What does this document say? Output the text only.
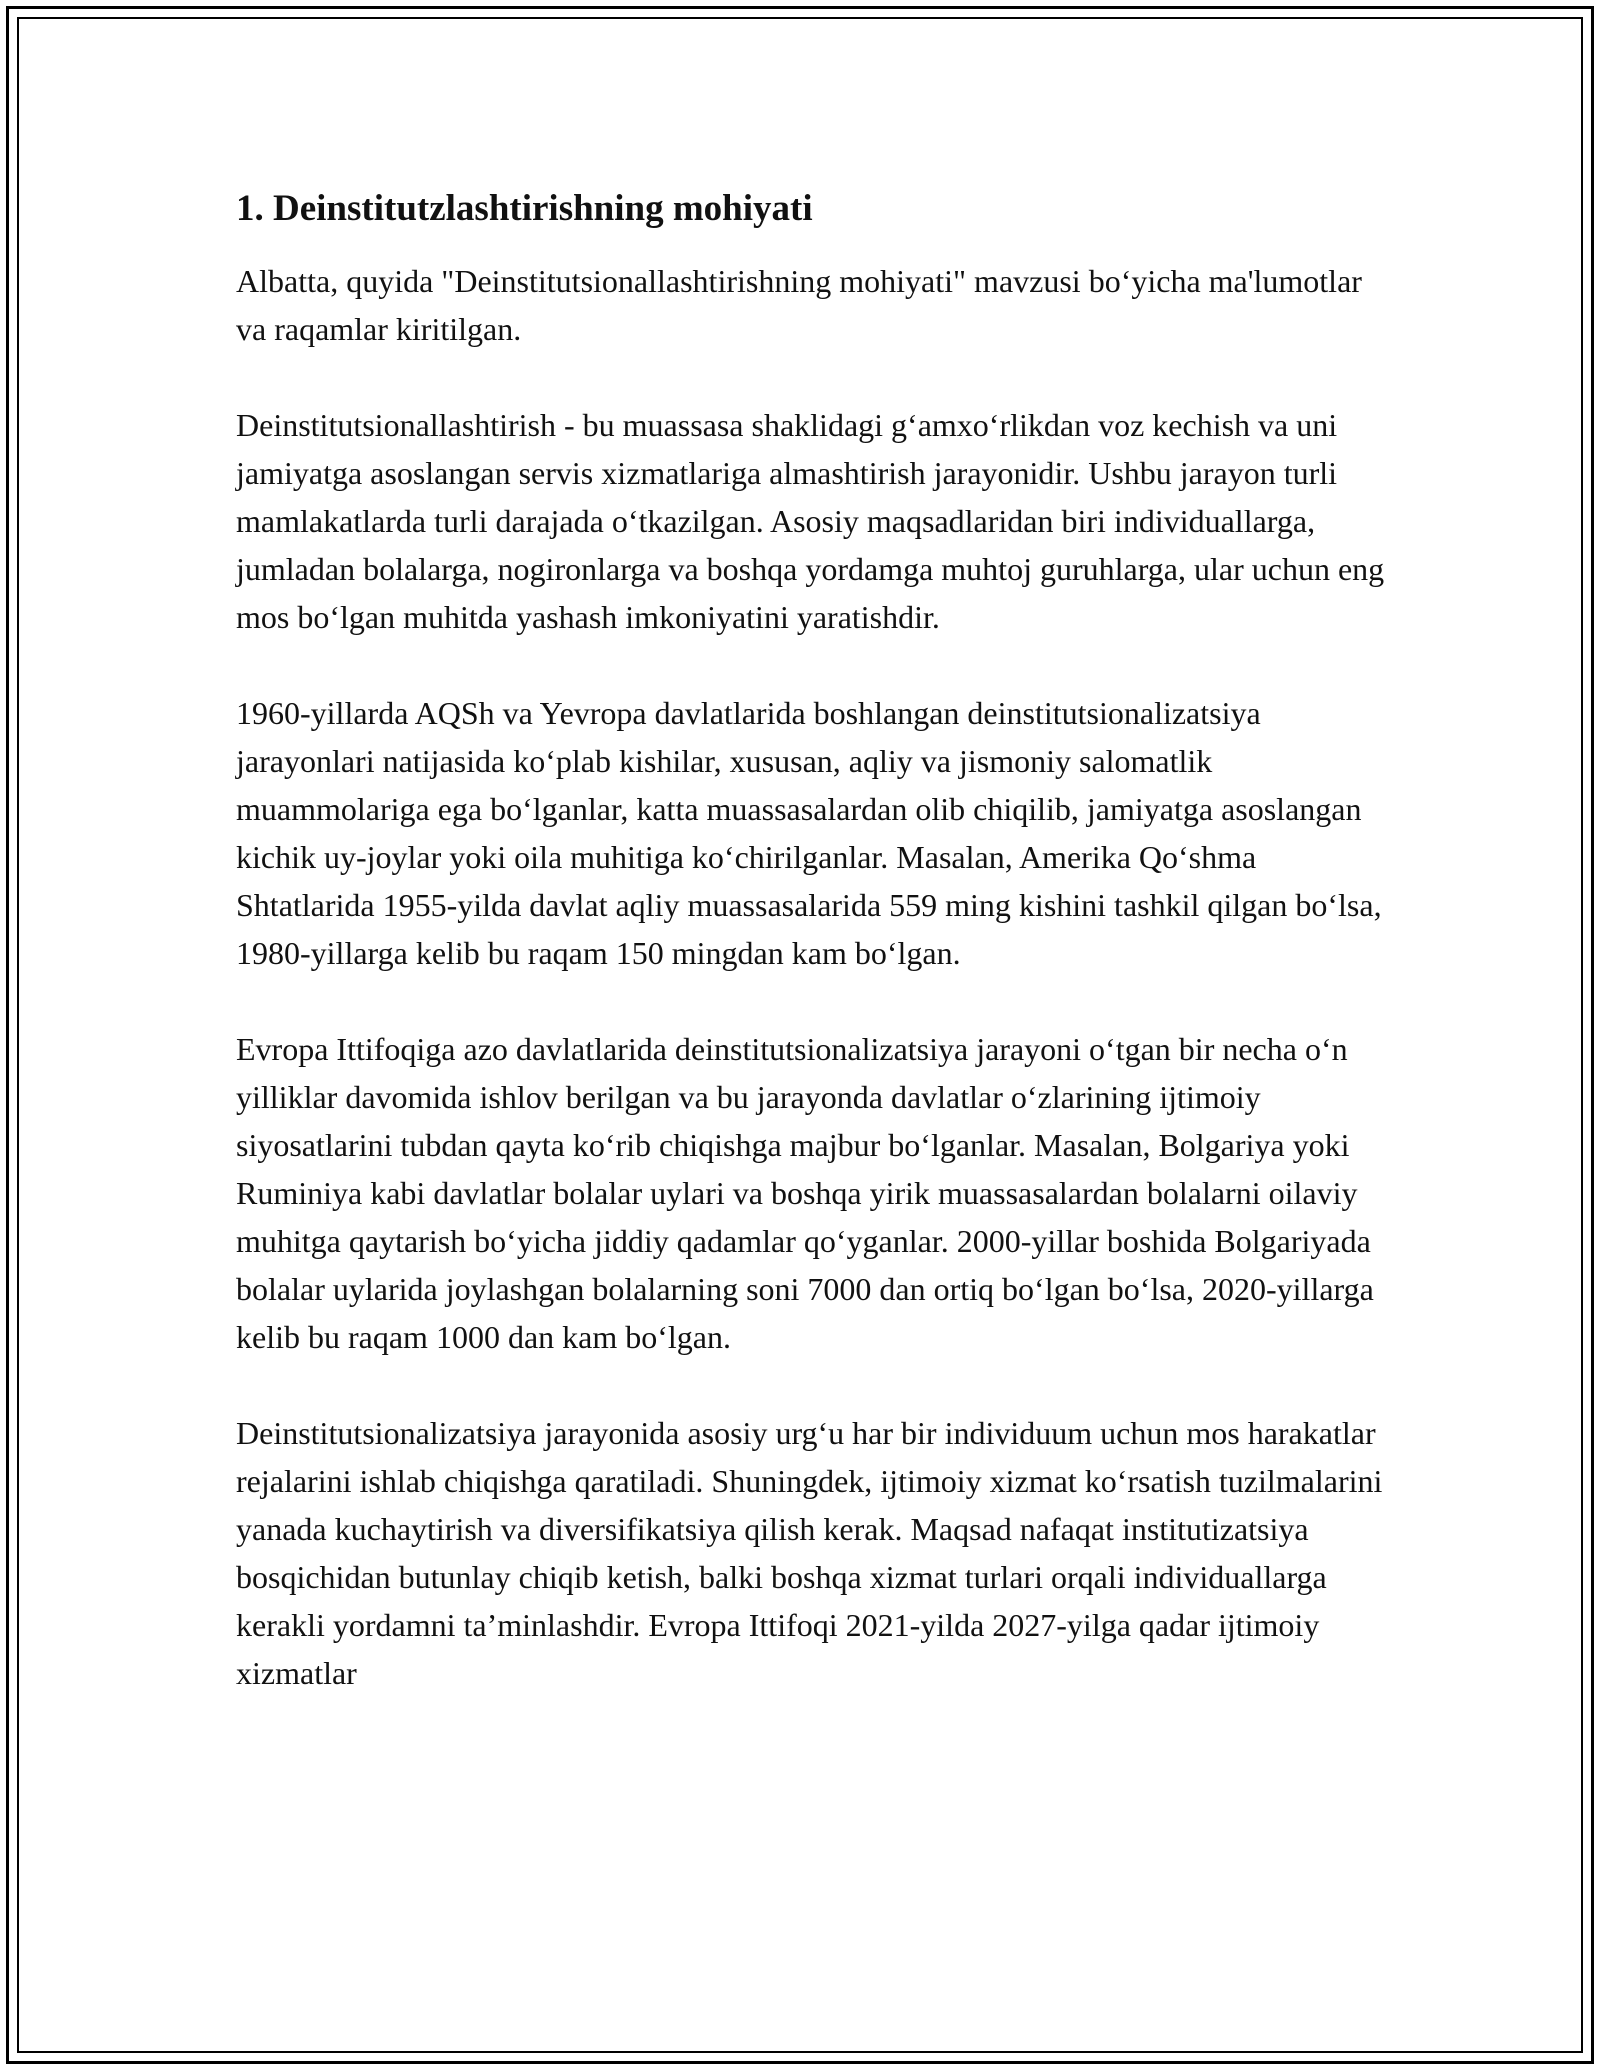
1. Deinstitutzlashtirishning mohiyati

Albatta, quyida "Deinstitutsionallashtirishning mohiyati" mavzusi bo‘yicha ma'lumotlar va raqamlar kiritilgan.

Deinstitutsionallashtirish - bu muassasa shaklidagi g‘amxo‘rlikdan voz kechish va uni jamiyatga asoslangan servis xizmatlariga almashtirish jarayonidir. Ushbu jarayon turli mamlakatlarda turli darajada o‘tkazilgan. Asosiy maqsadlaridan biri individuallarga, jumladan bolalarga, nogironlarga va boshqa yordamga muhtoj guruhlarga, ular uchun eng mos bo‘lgan muhitda yashash imkoniyatini yaratishdir.

1960-yillarda AQSh va Yevropa davlatlarida boshlangan deinstitutsionalizatsiya jarayonlari natijasida ko‘plab kishilar, xususan, aqliy va jismoniy salomatlik muammolariga ega bo‘lganlar, katta muassasalardan olib chiqilib, jamiyatga asoslangan kichik uy-joylar yoki oila muhitiga ko‘chirilganlar. Masalan, Amerika Qo‘shma Shtatlarida 1955-yilda davlat aqliy muassasalarida 559 ming kishini tashkil qilgan bo‘lsa, 1980-yillarga kelib bu raqam 150 mingdan kam bo‘lgan.

Evropa Ittifoqiga azo davlatlarida deinstitutsionalizatsiya jarayoni o‘tgan bir necha o‘n yilliklar davomida ishlov berilgan va bu jarayonda davlatlar o‘zlarining ijtimoiy siyosatlarini tubdan qayta ko‘rib chiqishga majbur bo‘lganlar. Masalan, Bolgariya yoki Ruminiya kabi davlatlar bolalar uylari va boshqa yirik muassasalardan bolalarni oilaviy muhitga qaytarish bo‘yicha jiddiy qadamlar qo‘yganlar. 2000-yillar boshida Bolgariyada bolalar uylarida joylashgan bolalarning soni 7000 dan ortiq bo‘lgan bo‘lsa, 2020-yillarga kelib bu raqam 1000 dan kam bo‘lgan.

Deinstitutsionalizatsiya jarayonida asosiy urg‘u har bir individuum uchun mos harakatlar rejalarini ishlab chiqishga qaratiladi. Shuningdek, ijtimoiy xizmat ko‘rsatish tuzilmalarini yanada kuchaytirish va diversifikatsiya qilish kerak. Maqsad nafaqat institutizatsiya bosqichidan butunlay chiqib ketish, balki boshqa xizmat turlari orqali individuallarga kerakli yordamni ta’minlashdir. Evropa Ittifoqi 2021-yilda 2027-yilga qadar ijtimoiy xizmatlar
